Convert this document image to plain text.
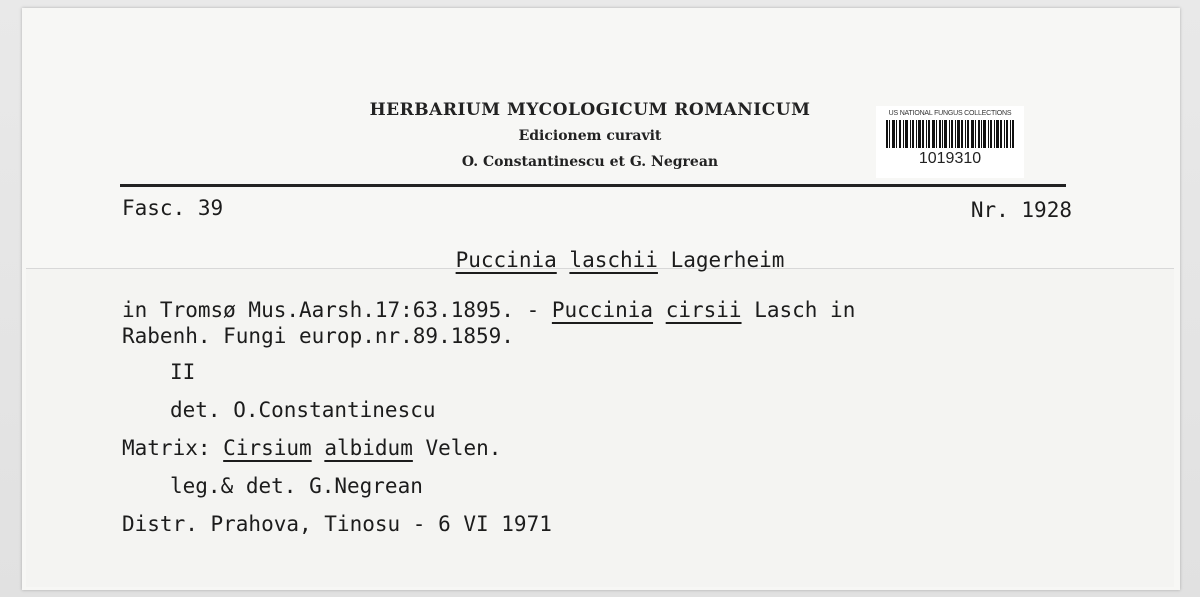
HERBARIUM MYCOLOGICUM ROMANICUM
Edicionem curavit
O. Constantinescu et G. Negrean
US NATIONAL FUNGUS COLLECTIONS
1019310
Fasc. 39	Nr. 1928
Puccinia laschii Lagerheim
in Tromsø Mus.Aarsh.17:63.1895. - Puccinia cirsii Lasch in
Rabenh. Fungi europ.nr.89.1859.
II
det. O.Constantinescu
Matrix: Cirsium albidum Velen.
leg.& det. G.Negrean
Distr. Prahova, Tinosu - 6 VI 1971
